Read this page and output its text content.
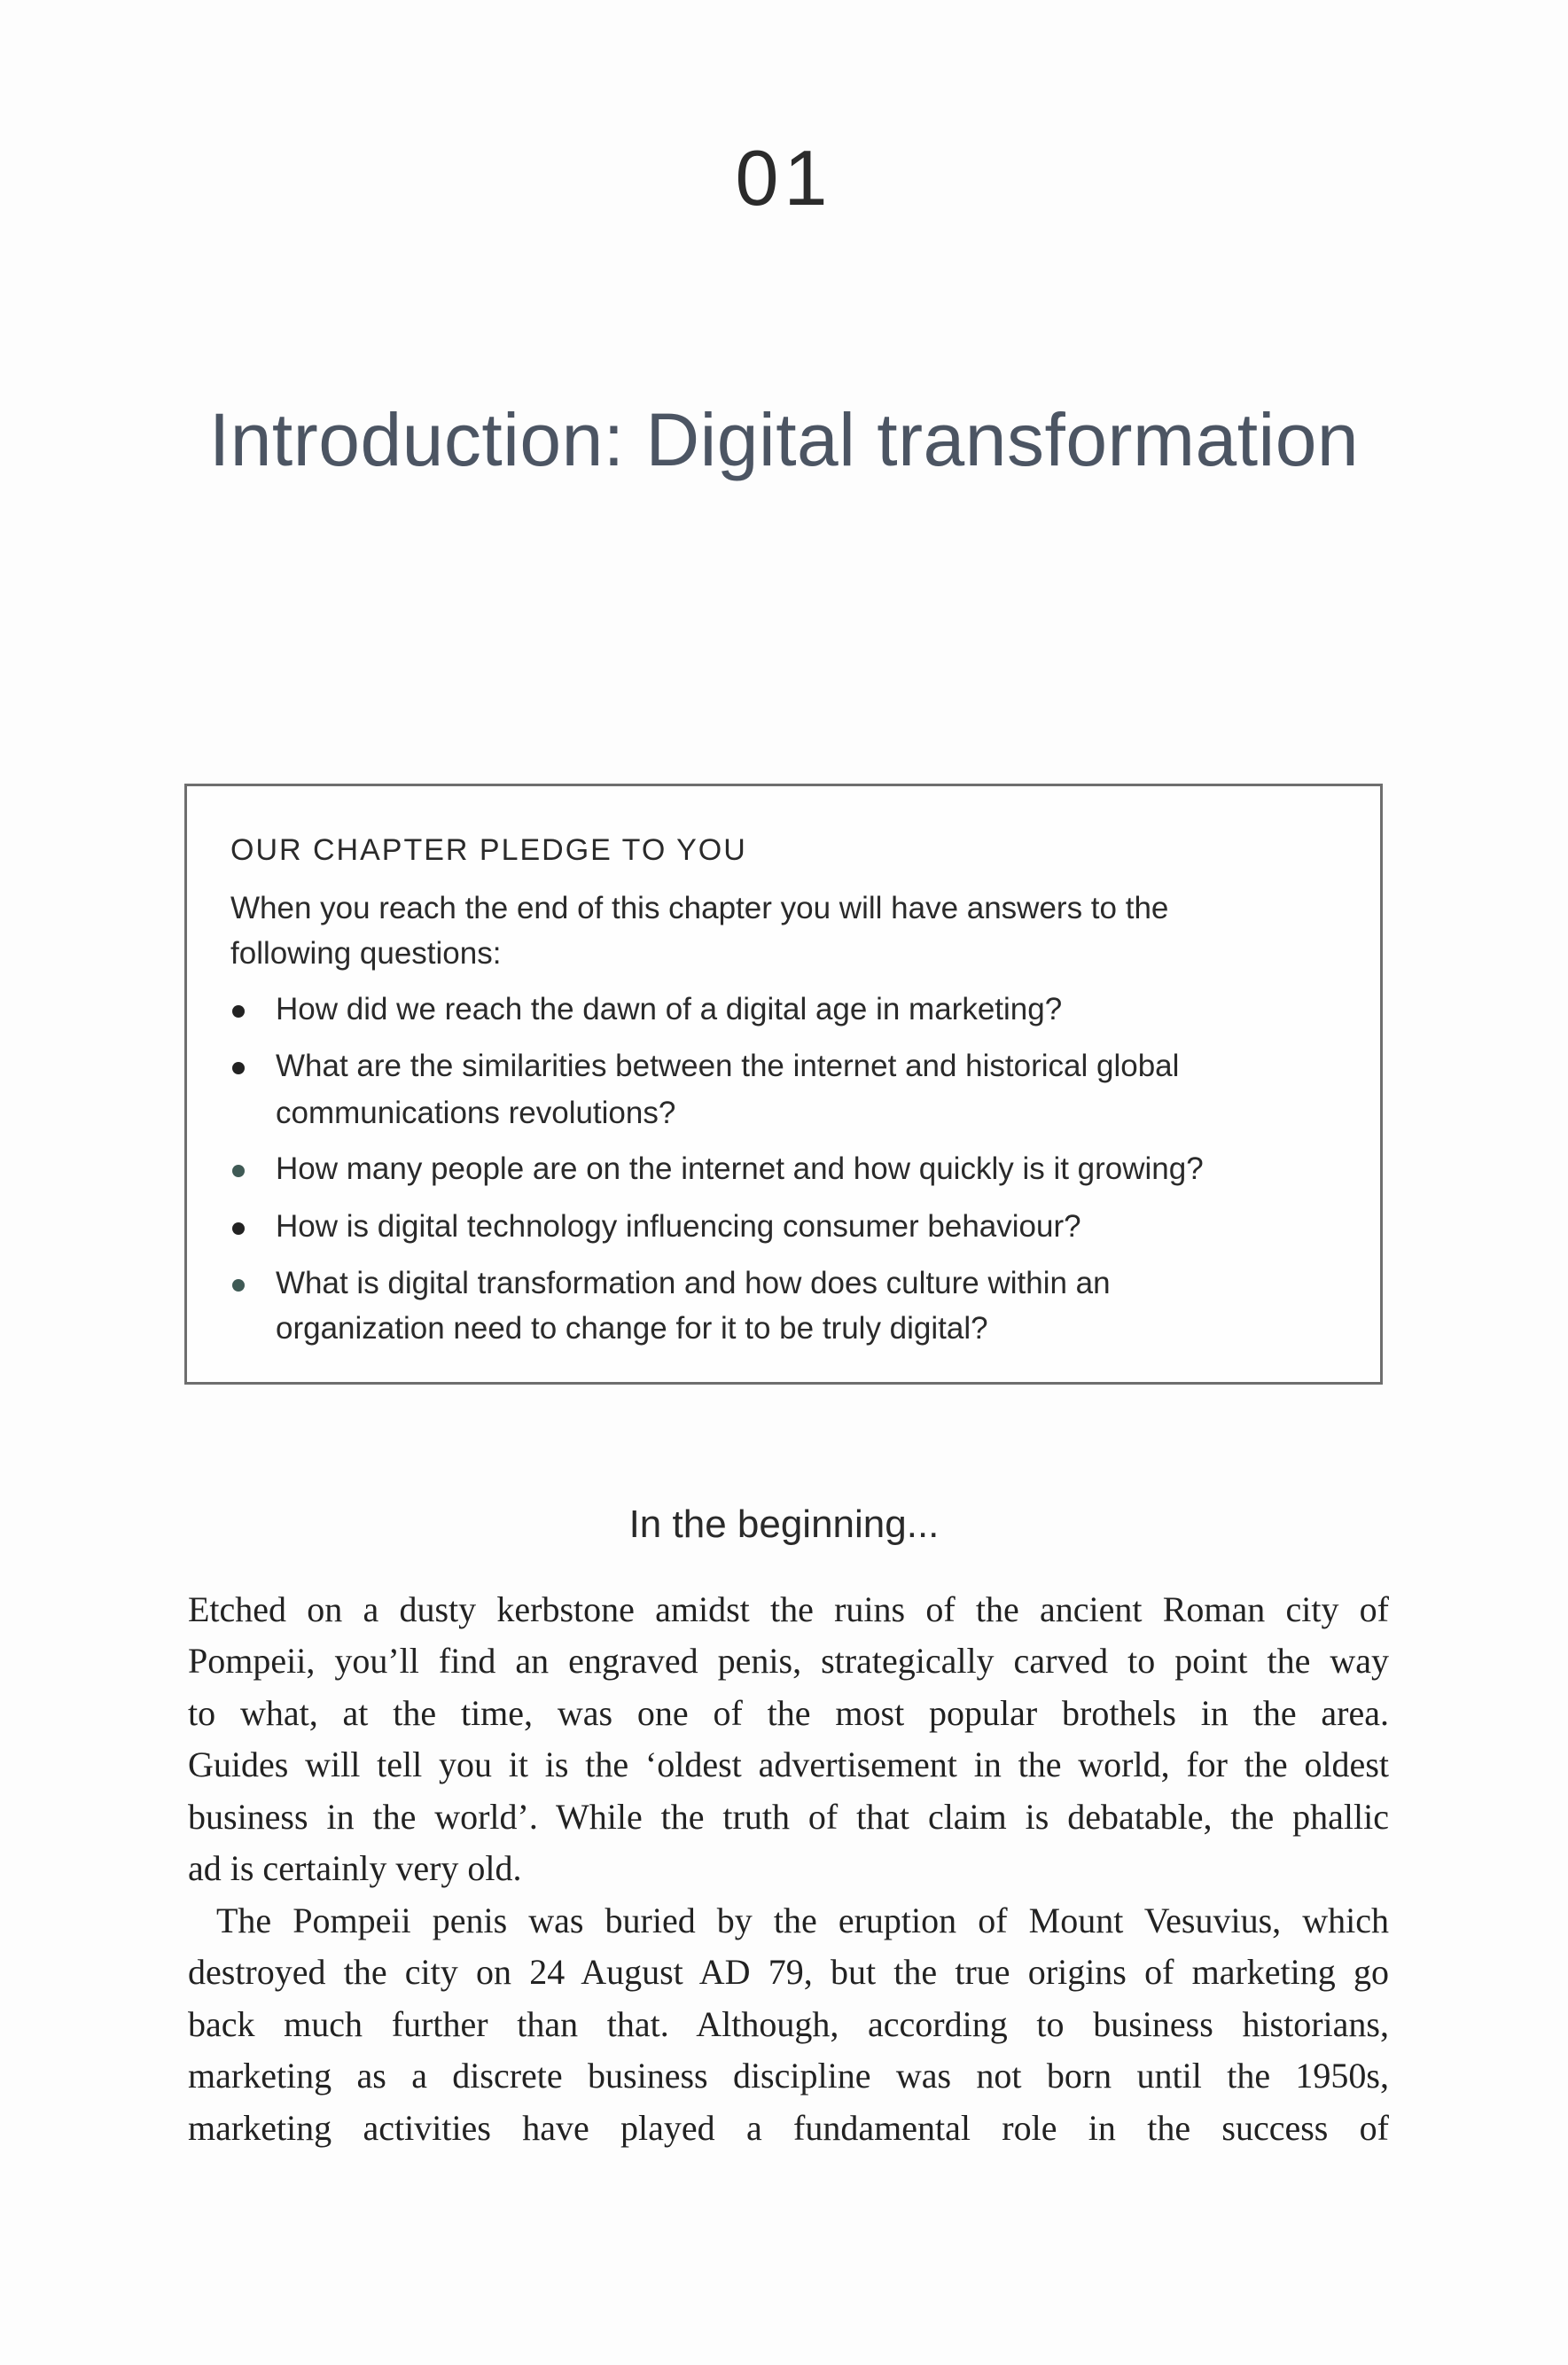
01
Introduction: Digital transformation
OUR CHAPTER PLEDGE TO YOU
When you reach the end of this chapter you will have answers to the
following questions:
How did we reach the dawn of a digital age in marketing?
What are the similarities between the internet and historical global
communications revolutions?
How many people are on the internet and how quickly is it growing?
How is digital technology influencing consumer behaviour?
What is digital transformation and how does culture within an
organization need to change for it to be truly digital?
In the beginning...
Etched on a dusty kerbstone amidst the ruins of the ancient Roman city of
Pompeii, you’ll find an engraved penis, strategically carved to point the way
to what, at the time, was one of the most popular brothels in the area.
Guides will tell you it is the ‘oldest advertisement in the world, for the oldest
business in the world’. While the truth of that claim is debatable, the phallic
ad is certainly very old.
The Pompeii penis was buried by the eruption of Mount Vesuvius, which
destroyed the city on 24 August AD 79, but the true origins of marketing go
back much further than that. Although, according to business historians,
marketing as a discrete business discipline was not born until the 1950s,
marketing activities have played a fundamental role in the success of
